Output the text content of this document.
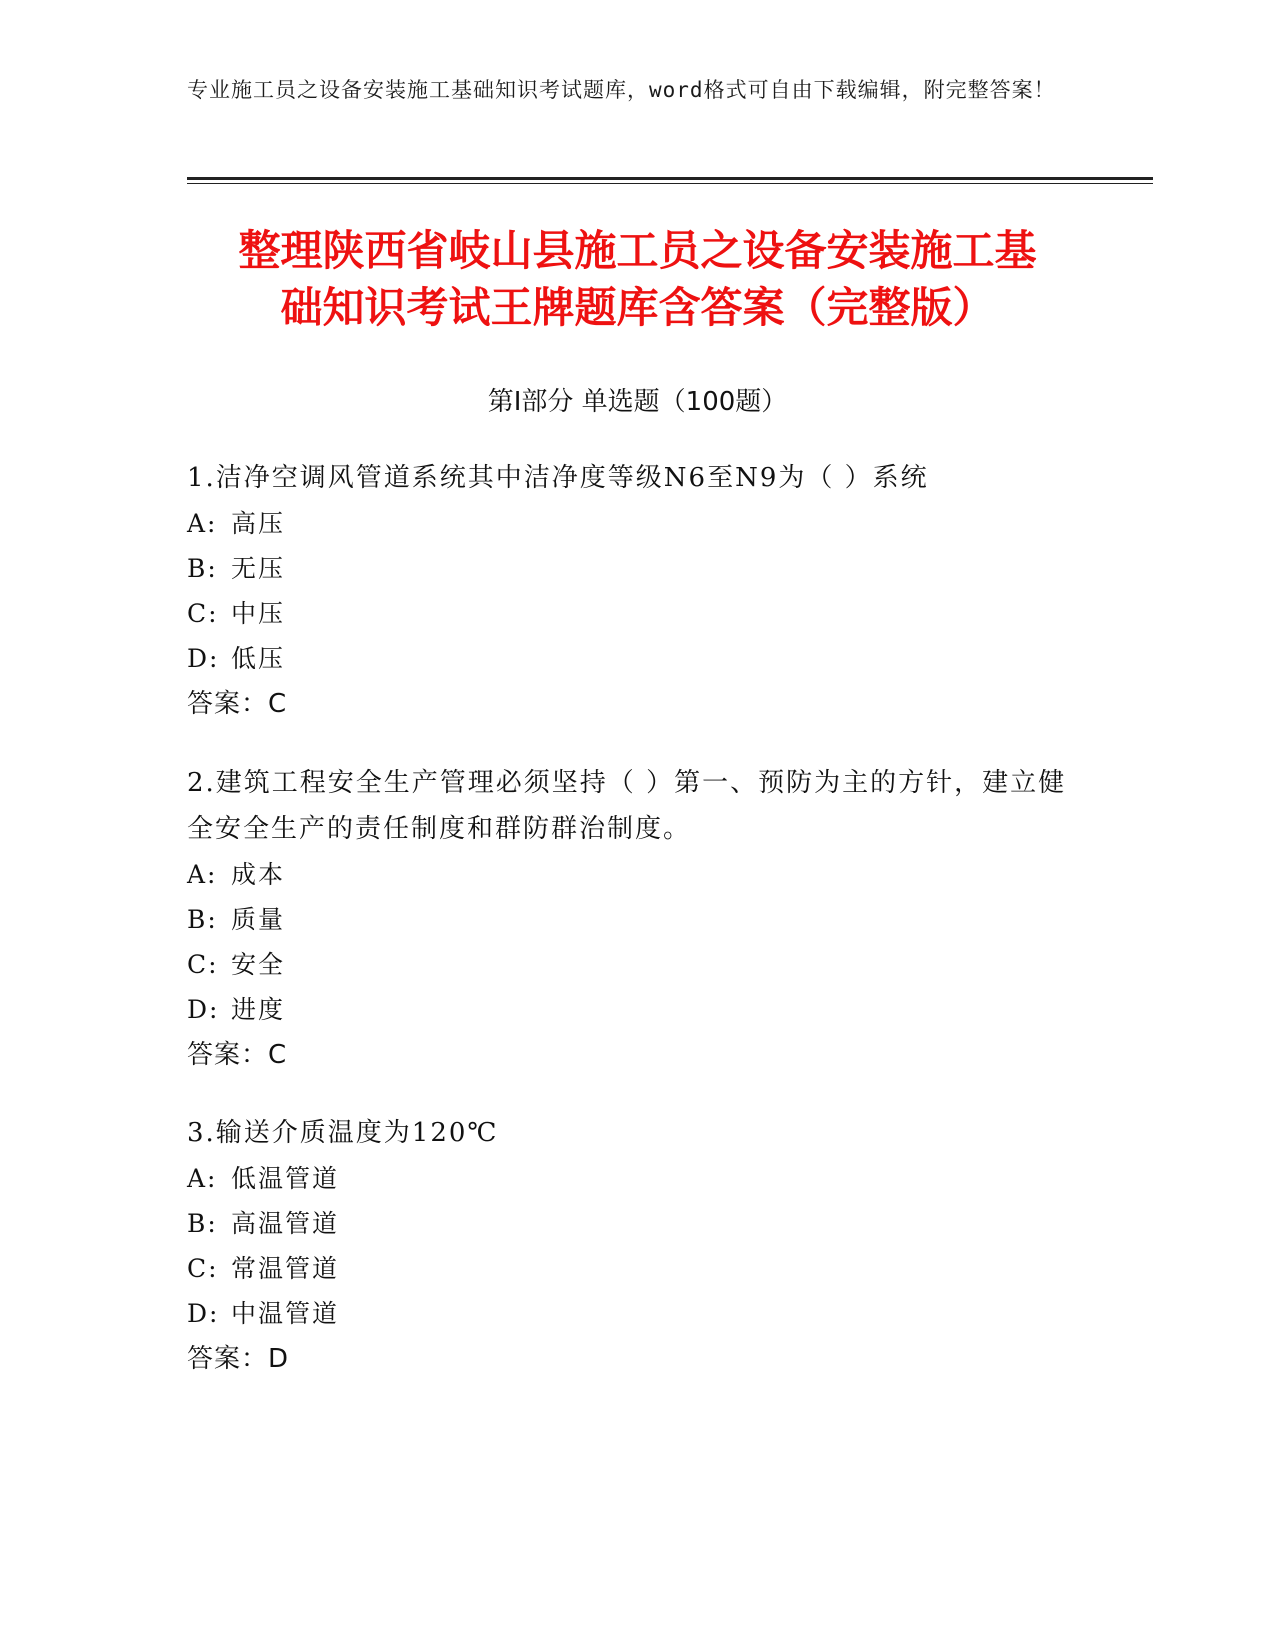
专业施工员之设备安装施工基础知识考试题库，word格式可自由下载编辑，附完整答案！
整理陕西省岐山县施工员之设备安装施工基
础知识考试王牌题库含答案（完整版）
第Ⅰ部分 单选题（100题）

1.洁净空调风管道系统其中洁净度等级N6至N9为（ ）系统

A: 高压
B: 无压
C: 中压
D: 低压
答案：C

2.建筑工程安全生产管理必须坚持（ ）第一、预防为主的方针，建立健全安全生产的责任制度和群防群治制度。

A: 成本
B: 质量
C: 安全
D: 进度
答案：C

3.输送介质温度为120℃

A: 低温管道
B: 高温管道
C: 常温管道
D: 中温管道
答案：D
